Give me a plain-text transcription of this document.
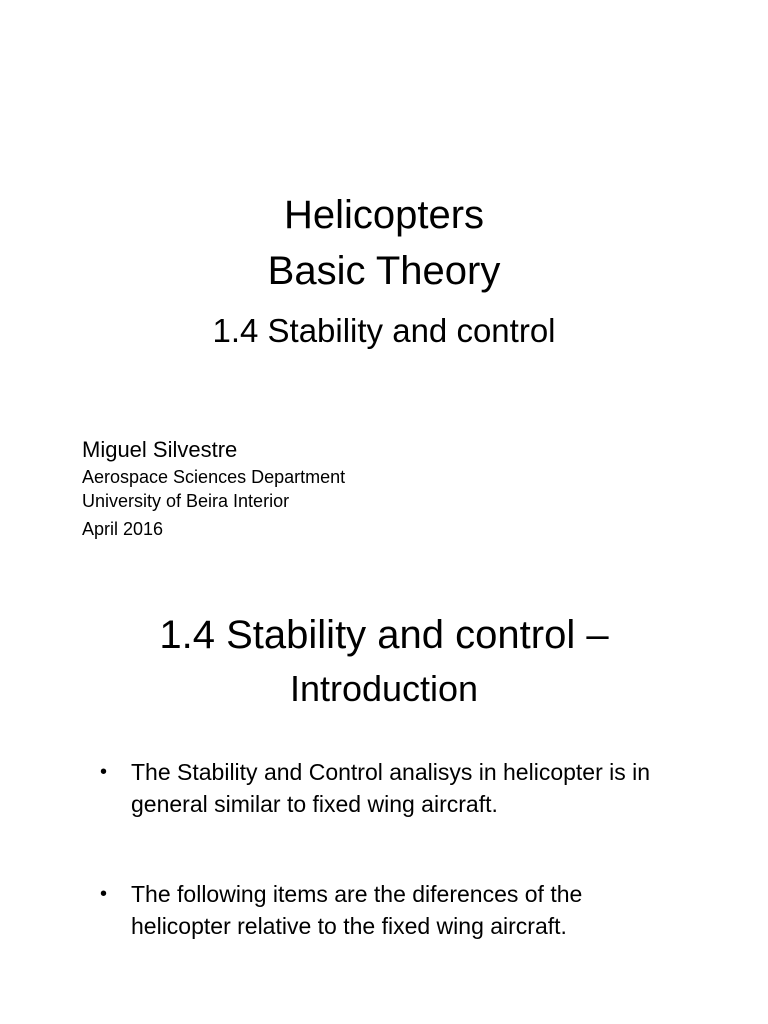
Helicopters
Basic Theory
1.4 Stability and control
Miguel Silvestre
Aerospace Sciences Department
University of Beira Interior
April 2016
1.4 Stability and control –
Introduction
• The Stability and Control analisys in helicopter is in
general similar to fixed wing aircraft.
• The following items are the diferences of the
helicopter relative to the fixed wing aircraft.
